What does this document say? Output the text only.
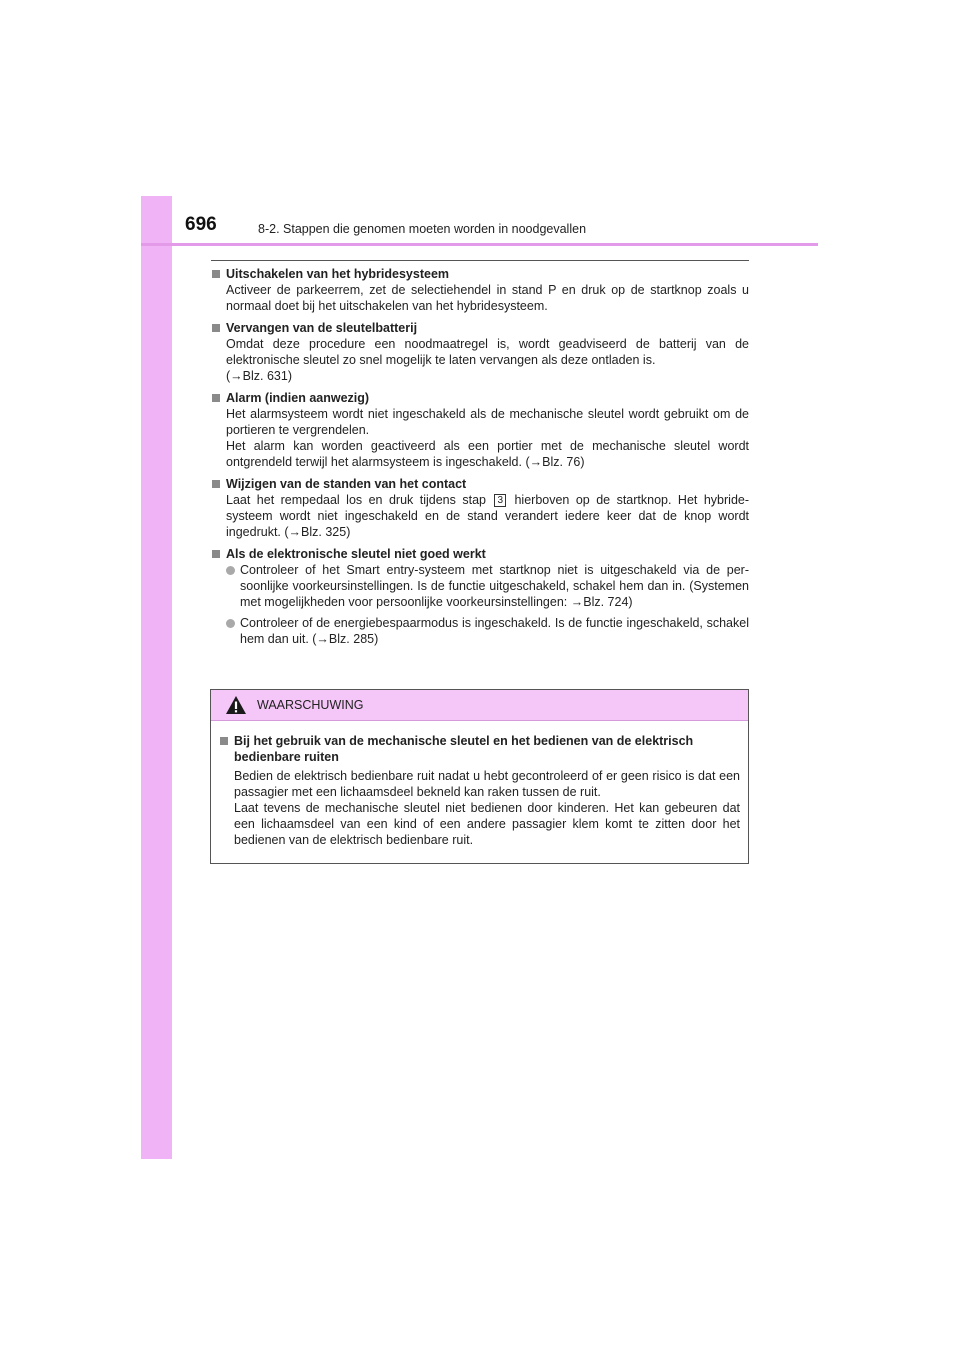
696	8-2. Stappen die genomen moeten worden in noodgevallen
Uitschakelen van het hybridesysteem

Activeer de parkeerrem, zet de selectiehendel in stand P en druk op de startknop zoals u normaal doet bij het uitschakelen van het hybridesysteem.

Vervangen van de sleutelbatterij

Omdat deze procedure een noodmaatregel is, wordt geadviseerd de batterij van de elektronische sleutel zo snel mogelijk te laten vervangen als deze ontladen is.

(→Blz. 631)

Alarm (indien aanwezig)

Het alarmsysteem wordt niet ingeschakeld als de mechanische sleutel wordt gebruikt om de portieren te vergrendelen.

Het alarm kan worden geactiveerd als een portier met de mechanische sleutel wordt ontgrendeld terwijl het alarmsysteem is ingeschakeld. (→Blz. 76)

Wijzigen van de standen van het contact

Laat het rempedaal los en druk tijdens stap 3 hierboven op de startknop. Het hybride-systeem wordt niet ingeschakeld en de stand verandert iedere keer dat de knop wordt ingedrukt. (→Blz. 325)

Als de elektronische sleutel niet goed werkt
Controleer of het Smart entry-systeem met startknop niet is uitgeschakeld via de per-soonlijke voorkeursinstellingen. Is de functie uitgeschakeld, schakel hem dan in. (Systemen met mogelijkheden voor persoonlijke voorkeursinstellingen: →Blz. 724)
Controleer of de energiebespaarmodus is ingeschakeld. Is de functie ingeschakeld, schakel hem dan uit. (→Blz. 285)
WAARSCHUWING
Bij het gebruik van de mechanische sleutel en het bedienen van de elektrisch bedienbare ruiten

Bedien de elektrisch bedienbare ruit nadat u hebt gecontroleerd of er geen risico is dat een passagier met een lichaamsdeel bekneld kan raken tussen de ruit.

Laat tevens de mechanische sleutel niet bedienen door kinderen. Het kan gebeuren dat een lichaamsdeel van een kind of een andere passagier klem komt te zitten door het bedienen van de elektrisch bedienbare ruit.
